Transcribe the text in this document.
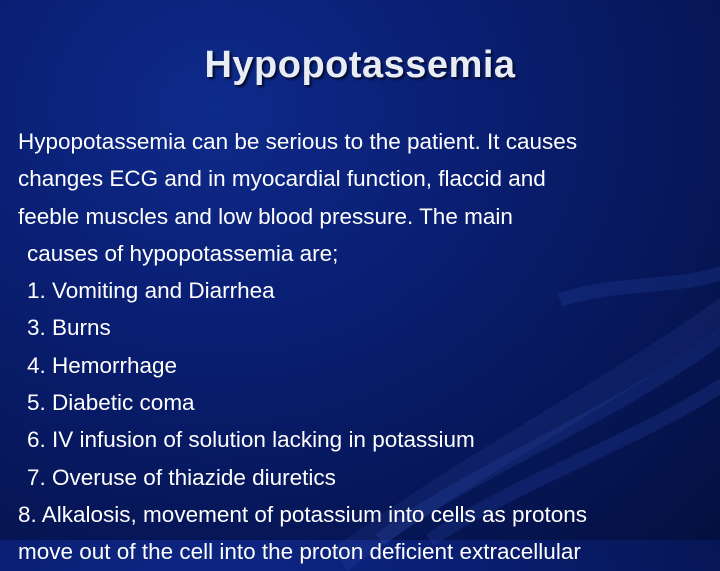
Hypopotassemia
Hypopotassemia can be serious to the patient. It causes
changes ECG and in myocardial function, flaccid and
feeble muscles and low blood pressure. The main
causes of hypopotassemia are;
1. Vomiting and Diarrhea
3. Burns
4. Hemorrhage
5. Diabetic coma
6. IV infusion of solution lacking in potassium
7. Overuse of thiazide diuretics
8. Alkalosis, movement of potassium into cells as protons
move out of the cell into the proton deficient extracellular
